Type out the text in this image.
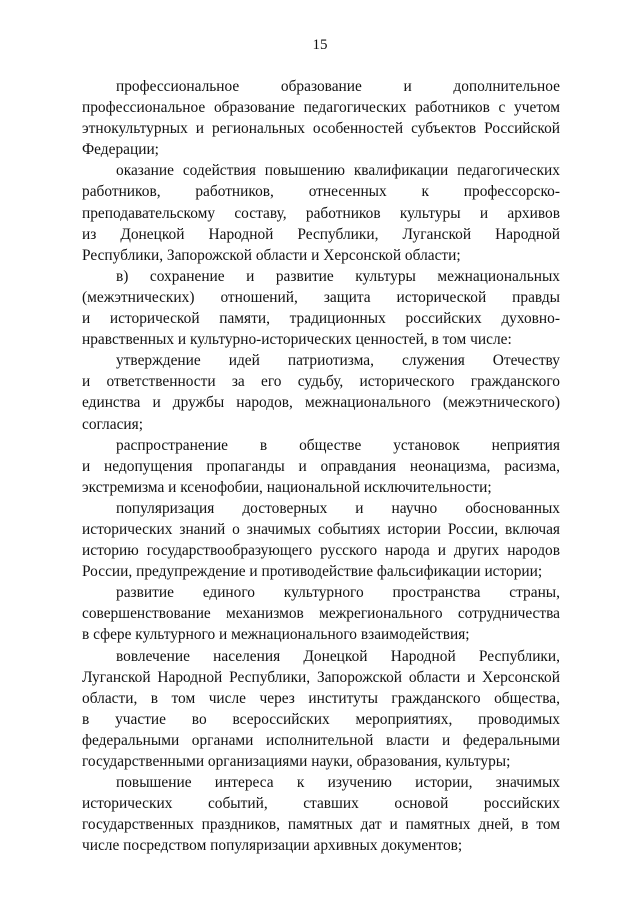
15
профессиональное образование и дополнительное
профессиональное образование педагогических работников с учетом
этнокультурных и региональных особенностей субъектов Российской
Федерации;
оказание содействия повышению квалификации педагогических
работников, работников, отнесенных к профессорско-
преподавательскому составу, работников культуры и архивов
из Донецкой Народной Республики, Луганской Народной
Республики, Запорожской области и Херсонской области;
в) сохранение и развитие культуры межнациональных
(межэтнических) отношений, защита исторической правды
и исторической памяти, традиционных российских духовно-
нравственных и культурно-исторических ценностей, в том числе:
утверждение идей патриотизма, служения Отечеству
и ответственности за его судьбу, исторического гражданского
единства и дружбы народов, межнационального (межэтнического)
согласия;
распространение в обществе установок неприятия
и недопущения пропаганды и оправдания неонацизма, расизма,
экстремизма и ксенофобии, национальной исключительности;
популяризация достоверных и научно обоснованных
исторических знаний о значимых событиях истории России, включая
историю государствообразующего русского народа и других народов
России, предупреждение и противодействие фальсификации истории;
развитие единого культурного пространства страны,
совершенствование механизмов межрегионального сотрудничества
в сфере культурного и межнационального взаимодействия;
вовлечение населения Донецкой Народной Республики,
Луганской Народной Республики, Запорожской области и Херсонской
области, в том числе через институты гражданского общества,
в участие во всероссийских мероприятиях, проводимых
федеральными органами исполнительной власти и федеральными
государственными организациями науки, образования, культуры;
повышение интереса к изучению истории, значимых
исторических событий, ставших основой российских
государственных праздников, памятных дат и памятных дней, в том
числе посредством популяризации архивных документов;
